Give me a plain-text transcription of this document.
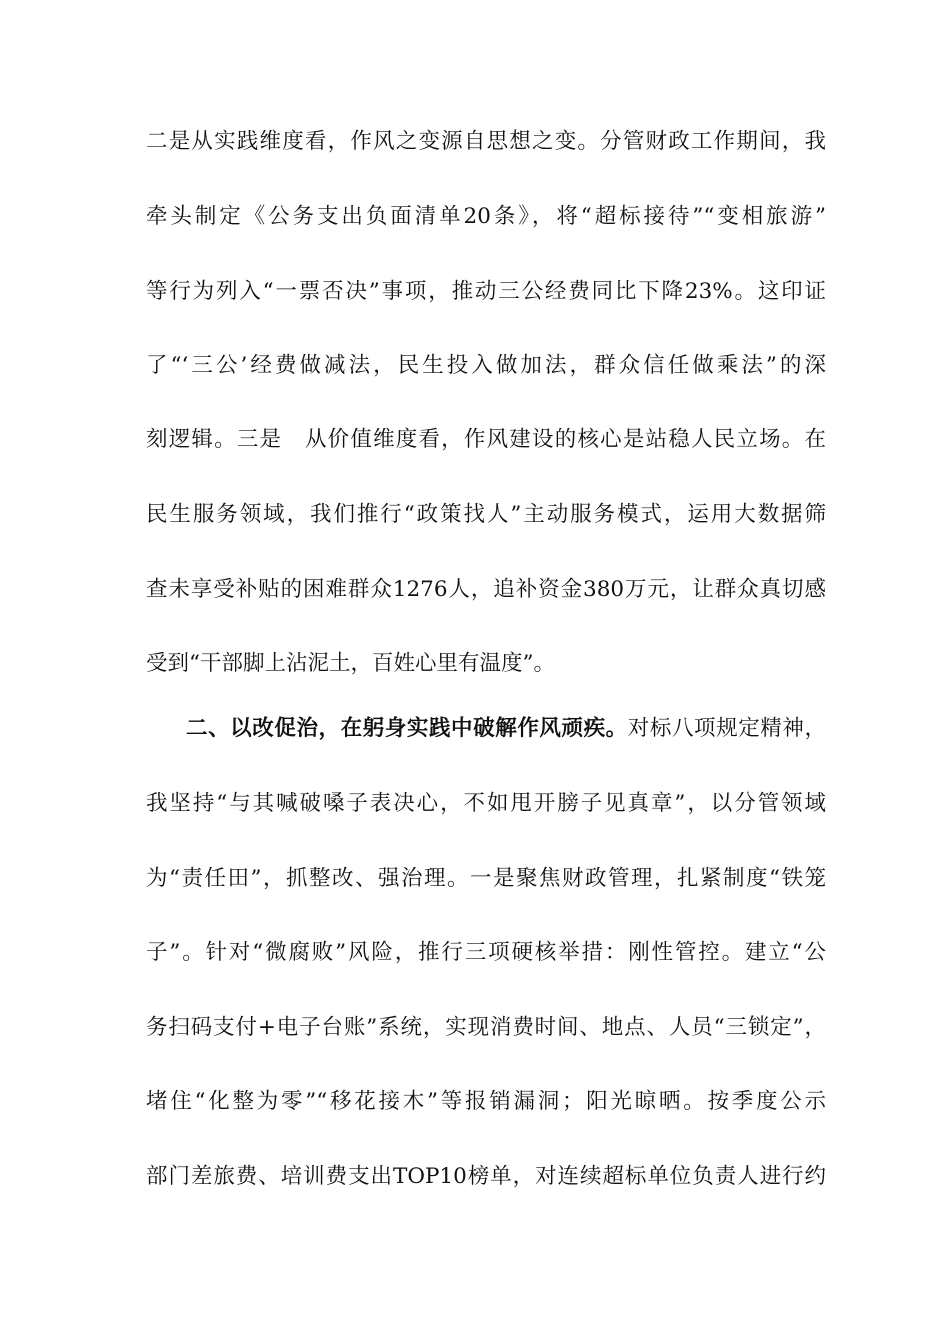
二是从实践维度看，作风之变源自思想之变。分管财政工作期间，我
牵头制定《公务支出负面清单20条》，将“超标接待”“变相旅游”
等行为列入“一票否决”事项，推动三公经费同比下降23%。这印证
了“‘三公’经费做减法，民生投入做加法，群众信任做乘法”的深
刻逻辑。三是　从价值维度看，作风建设的核心是站稳人民立场。在
民生服务领域，我们推行“政策找人”主动服务模式，运用大数据筛
查未享受补贴的困难群众1276人，追补资金380万元，让群众真切感
受到“干部脚上沾泥土，百姓心里有温度”。
二、以改促治，在躬身实践中破解作风顽疾。对标八项规定精神，
我坚持“与其喊破嗓子表决心，不如甩开膀子见真章”，以分管领域
为“责任田”，抓整改、强治理。一是聚焦财政管理，扎紧制度“铁笼
子”。针对“微腐败”风险，推行三项硬核举措：刚性管控。建立“公
务扫码支付+电子台账”系统，实现消费时间、地点、人员“三锁定”，
堵住“化整为零”“移花接木”等报销漏洞；阳光晾晒。按季度公示
部门差旅费、培训费支出TOP10榜单，对连续超标单位负责人进行约
